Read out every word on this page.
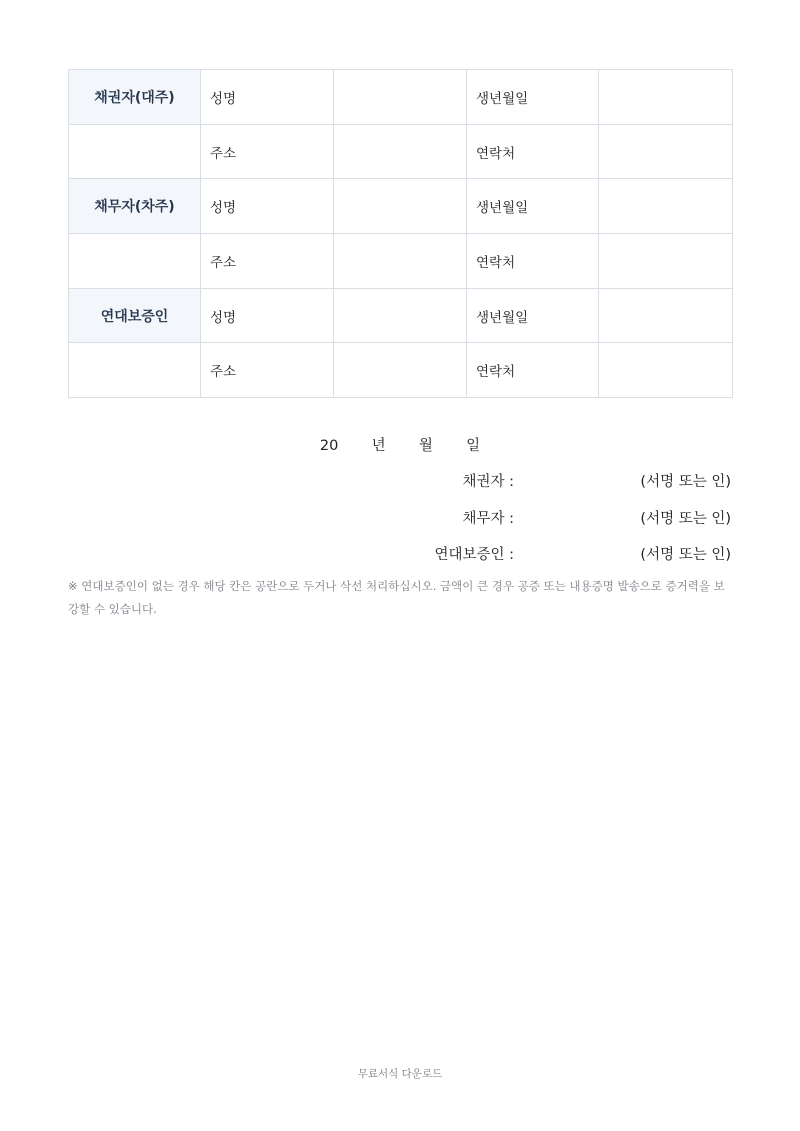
채권자(대주)	성명		생년월일	
	주소		연락처	
채무자(차주)	성명		생년월일	
	주소		연락처	
연대보증인	성명		생년월일	
	주소		연락처	
20 년 월 일
채권자 :	(서명 또는 인)
채무자 :	(서명 또는 인)
연대보증인 :	(서명 또는 인)
※ 연대보증인이 없는 경우 해당 칸은 공란으로 두거나 삭선 처리하십시오. 금액이 큰 경우 공증 또는 내용증명 발송으로 증거력을 보강할 수 있습니다.
무료서식 다운로드
